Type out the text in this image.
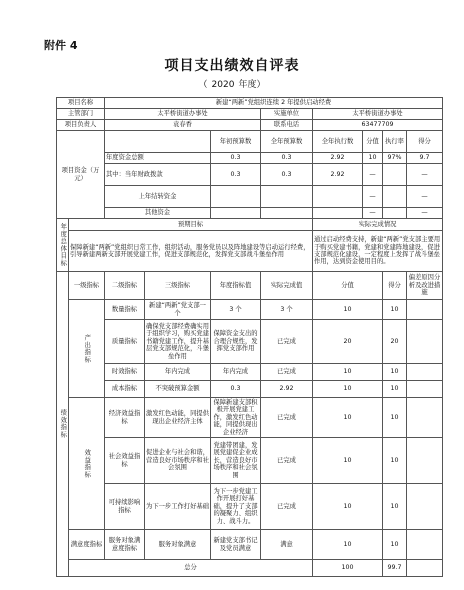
附件 4
项目支出绩效自评表
（ 2020 年度）
项目名称		新建“两新”党组织连续 2 年提供启动经费							
主管部门		太平桥街道办事处			实施单位	太平桥街道办事处			
项目负责人		袁春香			联系电话	63477709			
项目资金（万元）				年初预算数	全年预算数	全年执行数	分值	执行率	得分
		年度资金总额		0.3	0.3	2.92	10	97%	9.7
		其中：当年财政拨款		0.3	0.3	2.92	—		—
		上年结转资金					—		—
		其他资金					—		—
年度总体目标	预期目标					实际完成情况			
	保障新建“两新”党组织日常工作，组织活动，服务党员以及阵地建设等启动运行经费，引导新建两新支部开展党建工作，促进支部规范化，发挥党支部战斗堡垒作用					通过启动经费支持，新建“两新”党支部主要用于购买党建书籍，党建和党建阵地建设，促进支部规范化建设，一定程度上发挥了战斗堡垒作用，达到资金使用目的。			
绩效指标	一级指标	二级指标	三级指标	年度指标值	实际完成值	分值		得分	偏差原因分析及改进措施
	产出指标	数量指标	新建“两新”党支部一个	3 个	3 个	10		10	
		质量指标	确保党支部经费确实用于组织学习，购买党建书籍党建工作，提升基层党支部规范化，斗堡垒作用	保障资金支出的合理合规性，发挥党支部作用	已完成	20		20	
		时效指标	年内完成	年内完成	已完成	10		10	
		成本指标	不突破预算金额	0.3	2.92	10		10	
	效益指标	经济效益指标	激发红色动能，同提供现出企业经济主体	保障新建支部积极开展党建工作，激发红色动能，同提供现出企业经济	已完成	10		10	
		社会效益指标	促进企业与社会和谐，营造良好市场秩序和社会氛围	党建带团建，发展党建促企业成长，营造良好市场秩序和社会氛围	已完成	10		10	
		可持续影响指标	为下一步工作打好基础	为下一步党建工作开展打好基础，提升了支部的凝聚力、组织力、战斗力。	已完成	10		10	
	满意度指标	服务对象满意度指标	服务对象满意	新建党支部书记及党员满意	满意	10		10	
	总分					100		99.7	
